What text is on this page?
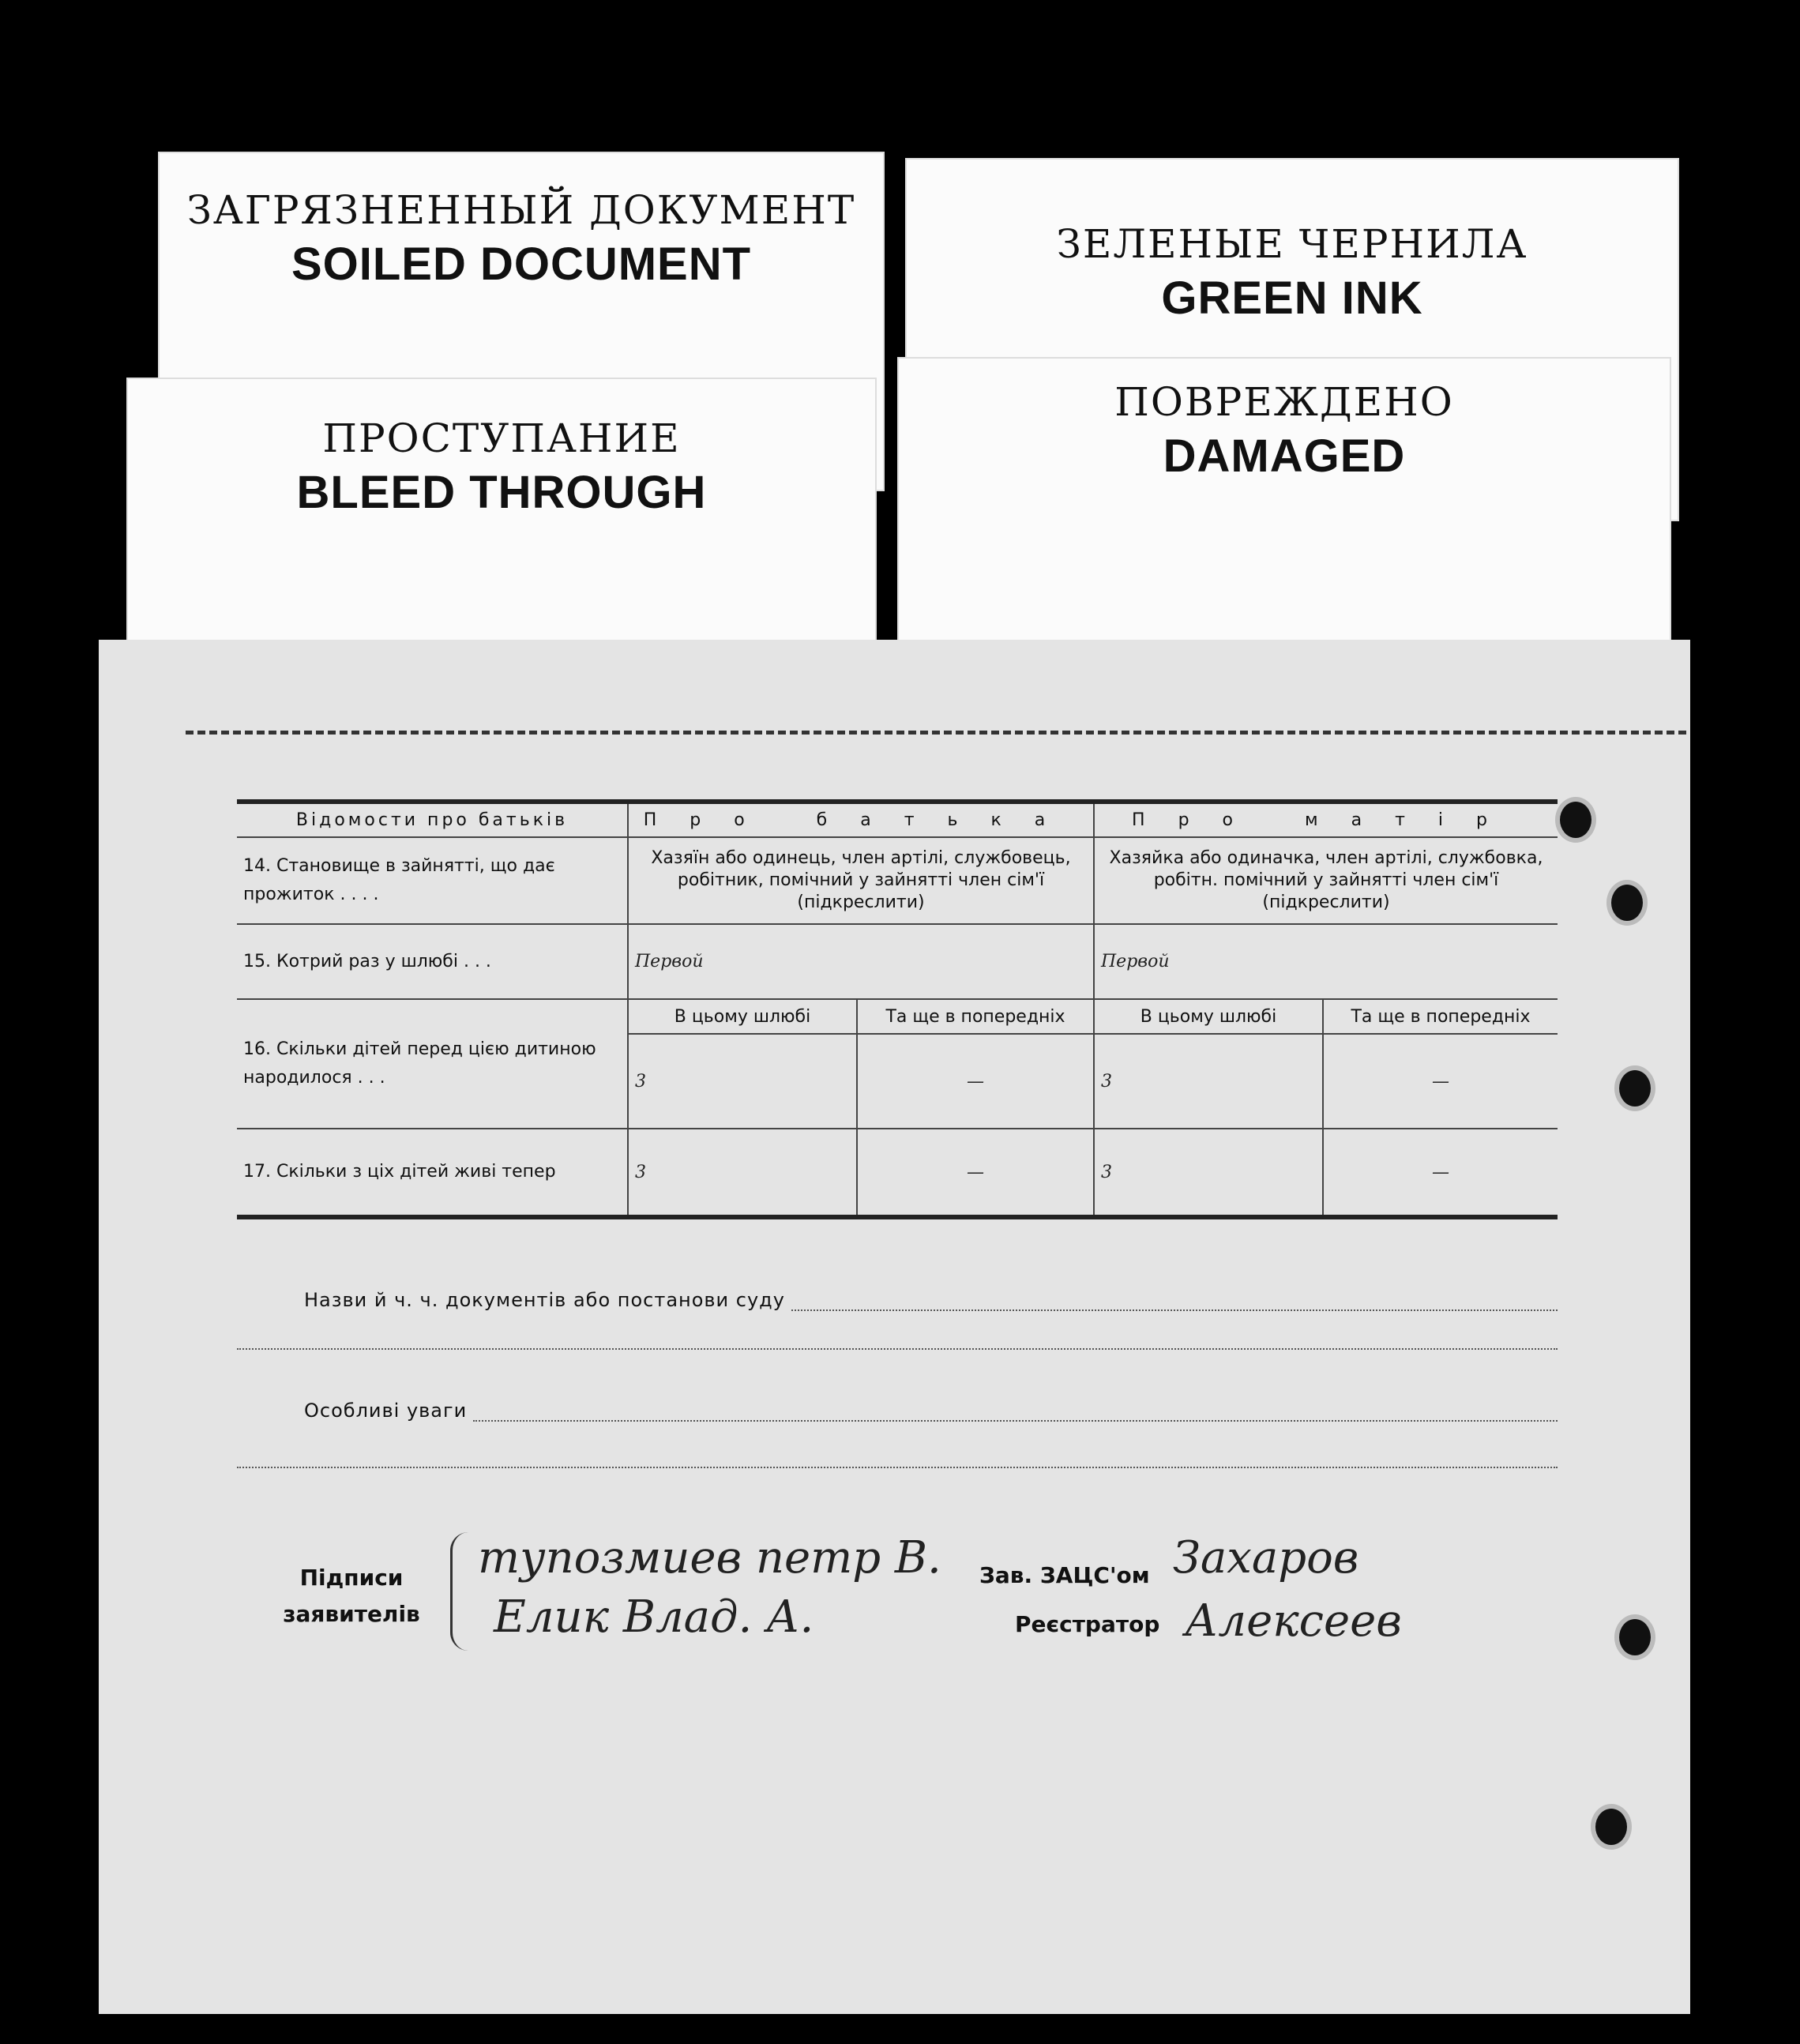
ЗАГРЯЗНЕННЫЙ ДОКУМЕНТ
SOILED DOCUMENT	ЗЕЛЕНЫЕ ЧЕРНИЛА
GREEN INK
ПРОСТУПАНИЕ
BLEED THROUGH
ПОВРЕЖДЕНО
DAMAGED
Відомости про батьків	Про батька		Про матір	
14. Становище в зайнятті, що дає прожиток . . . .	Хазяїн або одинець, член артілі, службовець, робітник, помічний у зайнятті член сім'ї (підкреслити)		Хазяйка або одиначка, член артілі, службовка, робітн. помічний у зайнятті член сім'ї (підкреслити)	
15. Котрий раз у шлюбі . . .	Первой		Первой	
16. Скільки дітей перед цією дитиною народилося . . .	В цьому шлюбі	Та ще в попередніх	В цьому шлюбі	Та ще в попередніх
	3	—	3	—
17. Скільки з ціх дітей живі тепер	3	—	3	—
Назви й ч. ч. документів або постанови суду
Особливі уваги
Підписи
заявителів
тупозмиев петр В.
Елик Влад. А.
Зав. ЗАЦС'ом Захаров
Реєстратор Алексеев
